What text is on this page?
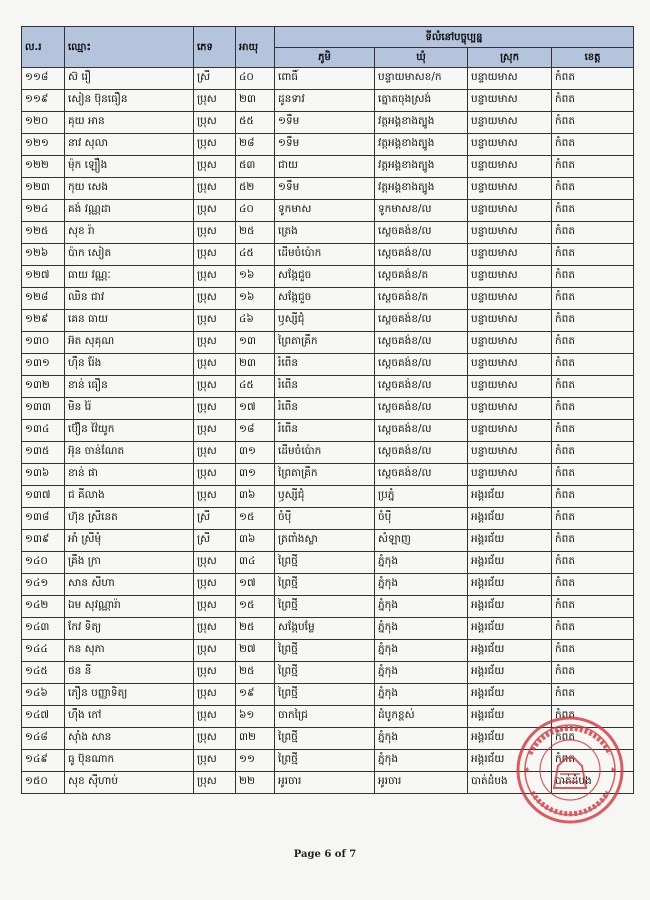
ល.រ	ឈ្មោះ	ភេទ	អាយុ	ទីលំនៅបច្ចុប្បន្ន			
				ភូមិ	ឃុំ	ស្រុក	ខេត្ត
១១៨	ស៊ រឿ	ស្រី	៤០	ពោធិ៍	បន្ទាយមាស​ខ/ក	បន្ទាយមាស	កំពត
១១៩	សៀន ប៊ុនធឿន	ប្រុស	២៣	ដូនទាវ	ត្នោតចុងស្រង់	បន្ទាយមាស	កំពត
១២០	គុយ អាន	ប្រុស	៥៥	១ទឹម	វត្តអង្គខាងត្បូង	បន្ទាយមាស	កំពត
១២១	នាវ សុលា	ប្រុស	២៨	១ទឹម	វត្តអង្គខាងត្បូង	បន្ទាយមាស	កំពត
១២២	ម៉ុក ឡឿង	ប្រុស	៥៣	ជាយ	វត្តអង្គខាងត្បូង	បន្ទាយមាស	កំពត
១២៣	កុយ សេង	ប្រុស	៥២	១ទឹម	វត្តអង្គខាងត្បូង	បន្ទាយមាស	កំពត
១២៤	គង់ វណ្ណដា	ប្រុស	៤០	ទូកមាស	ទូកមាសខ/ល	បន្ទាយមាស	កំពត
១២៥	សុខ រ៉ា	ប្រុស	២៥	ត្រេង	ស្ដេចគង់ខ/ល	បន្ទាយមាស	កំពត
១២៦	ប៉ាក សៀត	ប្រុស	៤៥	ដើមចំប៉ោក	ស្ដេចគង់ខ/ល	បន្ទាយមាស	កំពត
១២៧	ធាយ វណ្ណៈ	ប្រុស	១៦	សង្កែជួច	ស្ដេចគង់ខ/ត	បន្ទាយមាស	កំពត
១២៨	ឈិន ជាវ	ប្រុស	១៦	សង្កែជួច	ស្ដេចគង់ខ/ត	បន្ទាយមាស	កំពត
១២៩	គេន ធាយ	ប្រុស	៤៦	ឫស្សីជុំ	ស្ដេចគង់ខ/ល	បន្ទាយមាស	កំពត
១៣០	អ៊ត សុគុណ	ប្រុស	១៣	ព្រៃតាគ្រឹក	ស្ដេចគង់ខ/ល	បន្ទាយមាស	កំពត
១៣១	ហ៊ឹន រ៉ែង	ប្រុស	២៣	រំពើន	ស្ដេចគង់ខ/ល	បន្ទាយមាស	កំពត
១៣២	ខាន់ ធឿន	ប្រុស	៤៥	រំពើន	ស្ដេចគង់ខ/ល	បន្ទាយមាស	កំពត
១៣៣	មិន រ៉ៃ	ប្រុស	១៧	រំពើន	ស្ដេចគង់ខ/ល	បន្ទាយមាស	កំពត
១៣៤	ប៊ឿន វ៉ៃយូក	ប្រុស	១៨	រំពើន	ស្ដេចគង់ខ/ល	បន្ទាយមាស	កំពត
១៣៥	អ៊ុន ចាន់ណែត	ប្រុស	៣១	ដើមចំប៉ោក	ស្ដេចគង់ខ/ល	បន្ទាយមាស	កំពត
១៣៦	ខាន់ ផា	ប្រុស	៣១	ព្រៃតាគ្រឹក	ស្ដេចគង់ខ/ល	បន្ទាយមាស	កំពត
១៣៧	ជ គីលាង	ប្រុស	៣៦	ឫស្សីជុំ	ប្រភ្នំ	អង្គរជ័យ	កំពត
១៣៨	ហ៊ុន ស្រីនេត	ស្រី	១៥	ចំប៉ី	ចំប៉ី	អង្គរជ័យ	កំពត
១៣៩	អាំ ស្រីមុំ	ស្រី	៣៦	ត្រពាំងស្លា	សំឡាញ	អង្គរជ័យ	កំពត
១៤០	គ្រឹង ក្រា	ប្រុស	៣៤	ព្រៃថ្មី	ភ្នំកុង	អង្គរជ័យ	កំពត
១៤១	សាន សីហា	ប្រុស	១៧	ព្រៃថ្មី	ភ្នំកុង	អង្គរជ័យ	កំពត
១៤២	ឯម សុវណ្ណារ៉ា	ប្រុស	១៥	ព្រៃថ្មី	ភ្នំកុង	អង្គរជ័យ	កំពត
១៤៣	កែវ ទិត្យ	ប្រុស	២៥	សង្កែបម្លែ	ភ្នំកុង	អង្គរជ័យ	កំពត
១៤៤	កន សុភា	ប្រុស	២៧	ព្រៃថ្មី	ភ្នំកុង	អង្គរជ័យ	កំពត
១៤៥	ថន នី	ប្រុស	២៥	ព្រៃថ្មី	ភ្នំកុង	អង្គរជ័យ	កំពត
១៤៦	ភឿន បញ្ញាទិត្យ	ប្រុស	១៩	ព្រៃថ្មី	ភ្នំកុង	អង្គរជ័យ	កំពត
១៤៧	ហ៊ឹង កៅ	ប្រុស	៦១	ចាកជ្រៃ	ដំបូកខ្ពស់	អង្គរជ័យ	កំពត
១៤៨	ស៊ាំង សាន	ប្រុស	៣២	ព្រៃថ្មី	ភ្នំកុង	អង្គរជ័យ	កំពត
១៤៩	ធូ ប៊ុនណាក	ប្រុស	១១	ព្រៃថ្មី	ភ្នំកុង	អង្គរជ័យ	កំពត
១៥០	សុខ ស៊ីហាប់	ប្រុស	២២	អូរចារ	អូរចារ	បាត់ដំបង	បាត់ដំបង
Page 6 of 7
